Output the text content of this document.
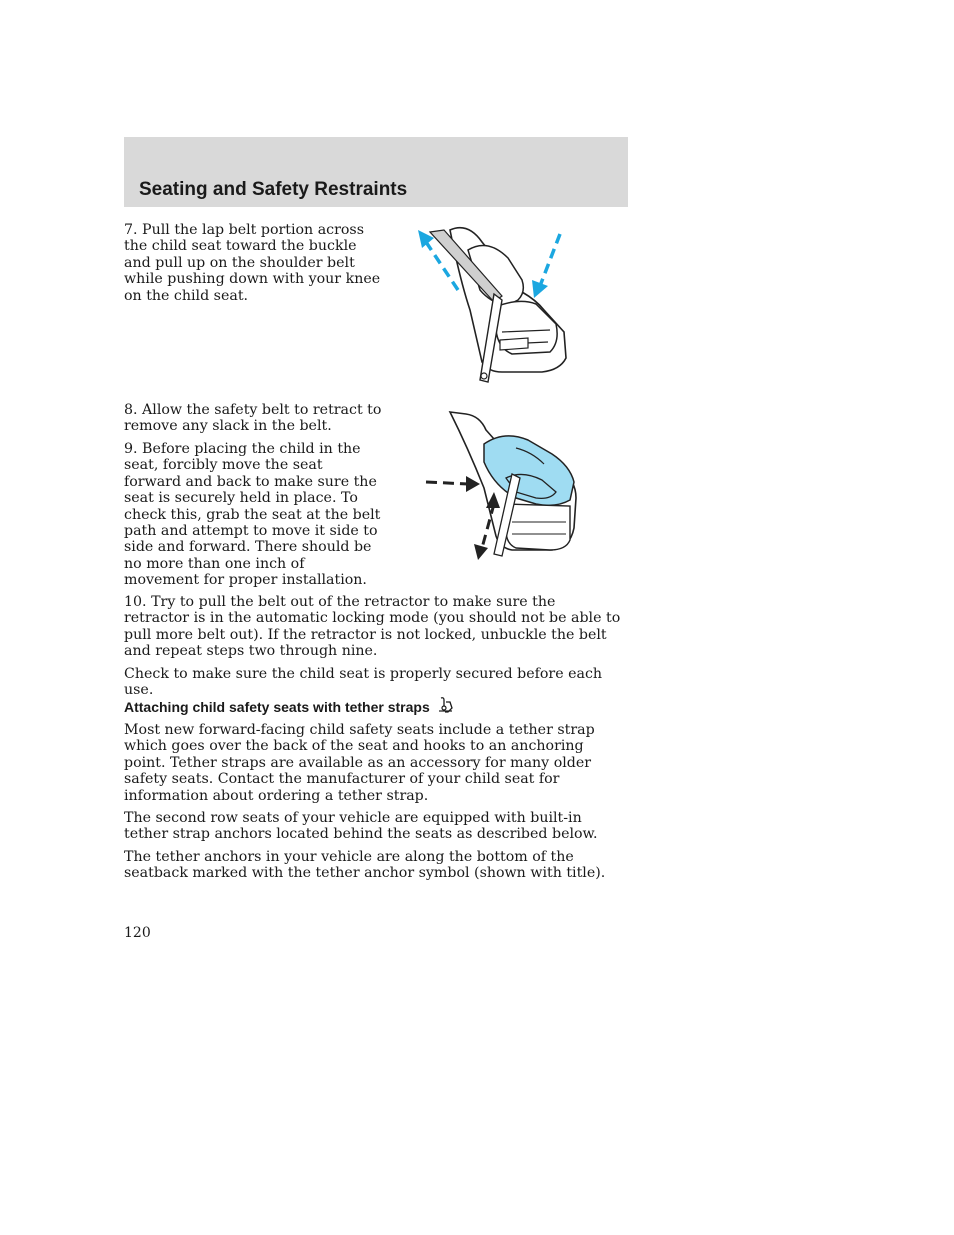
Seating and Safety Restraints

7. Pull the lap belt portion across the child seat toward the buckle and pull up on the shoulder belt while pushing down with your knee on the child seat.

8. Allow the safety belt to retract to remove any slack in the belt.

9. Before placing the child in the seat, forcibly move the seat forward and back to make sure the seat is securely held in place. To check this, grab the seat at the belt path and attempt to move it side to side and forward. There should be no more than one inch of movement for proper installation.

10. Try to pull the belt out of the retractor to make sure the retractor is in the automatic locking mode (you should not be able to pull more belt out). If the retractor is not locked, unbuckle the belt and repeat steps two through nine.

Check to make sure the child seat is properly secured before each use.

Attaching child safety seats with tether straps

Most new forward-facing child safety seats include a tether strap which goes over the back of the seat and hooks to an anchoring point. Tether straps are available as an accessory for many older safety seats. Contact the manufacturer of your child seat for information about ordering a tether strap.

The second row seats of your vehicle are equipped with built-in tether strap anchors located behind the seats as described below.

The tether anchors in your vehicle are along the bottom of the seatback marked with the tether anchor symbol (shown with title).

120
